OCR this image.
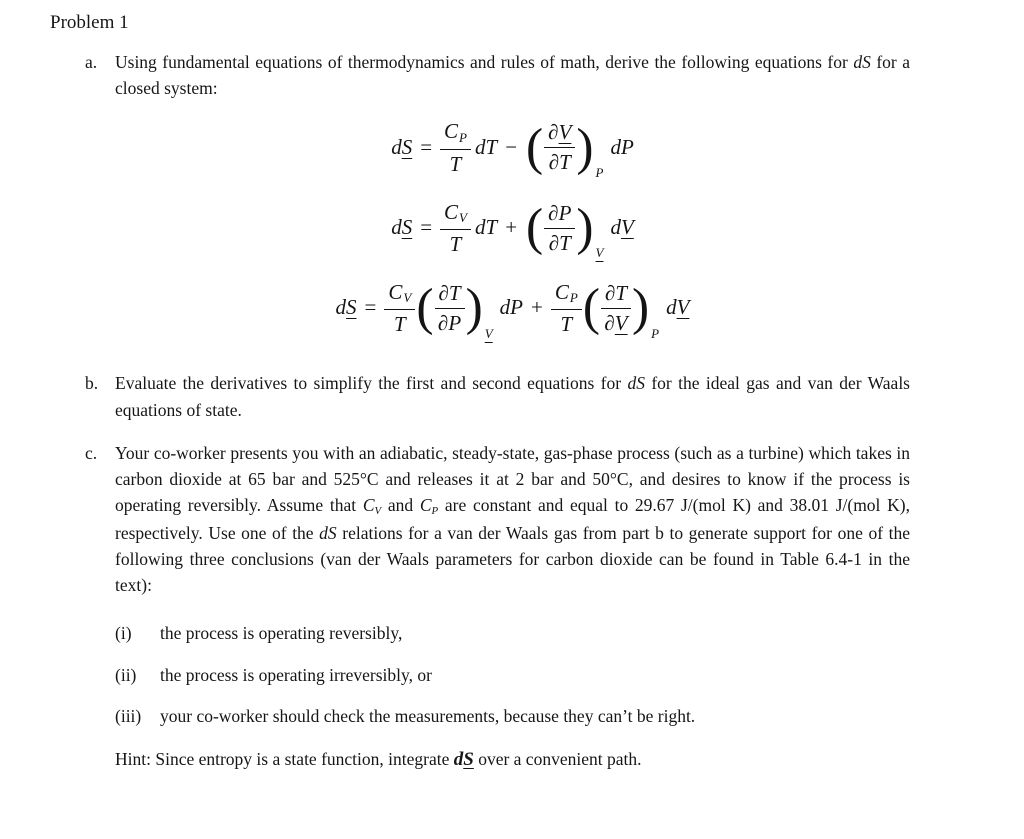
Problem 1
a.	Using fundamental equations of thermodynamics and rules of math, derive the following equations for dS for a closed system:

dS = $\frac{C_P}{T}$ dT − ( $\frac{\partial V}{\partial T}$ ) P
dP
dS = $\frac{C_V}{T}$ dT + ( $\frac{\partial P}{\partial T}$ ) V
dV
dS = $\frac{C_V}{T}$ ( $\frac{\partial T}{\partial P}$ ) V
dP + $\frac{C_P}{T}$ ( $\frac{\partial T}{\partial V}$ ) P
dV
b. Evaluate the derivatives to simplify the first and second equations for dS for the ideal gas and van der Waals equations of state.

c.	Your co-worker presents you with an adiabatic, steady-state, gas-phase process (such as a turbine) which takes in carbon dioxide at 65 bar and 525°C and releases it at 2 bar and 50°C, and desires to know if the process is operating reversibly. Assume that CV and CP are constant and equal to 29.67 J/(mol K) and 38.01 J/(mol K), respectively. Use one of the dS relations for a van der Waals gas from part b to generate support for one of the following three conclusions (van der Waals parameters for carbon dioxide can be found in Table 6.4-1 in the text):

(i) the process is operating reversibly,
(ii) the process is operating irreversibly, or
(iii) your co-worker should check the measurements, because they can’t be right.

Hint: Since entropy is a state function, integrate dS over a convenient path.
